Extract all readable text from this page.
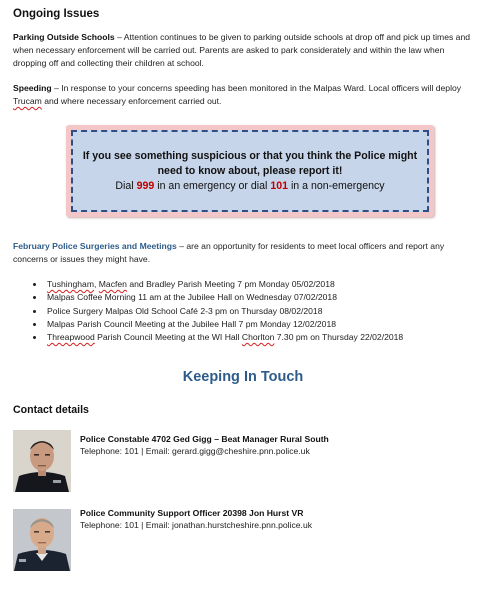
Ongoing Issues
Parking Outside Schools – Attention continues to be given to parking outside schools at drop off and pick up times and when necessary enforcement will be carried out. Parents are asked to park considerately and within the law when dropping off and collecting their children at school.
Speeding – In response to your concerns speeding has been monitored in the Malpas Ward. Local officers will deploy Trucam and where necessary enforcement carried out.
If you see something suspicious or that you think the Police might need to know about, please report it!
Dial 999 in an emergency or dial 101 in a non-emergency
February Police Surgeries and Meetings – are an opportunity for residents to meet local officers and report any concerns or issues they might have.
• Tushingham, Macfen and Bradley Parish Meeting 7 pm Monday 05/02/2018
• Malpas Coffee Morning 11 am at the Jubilee Hall on Wednesday 07/02/2018
• Police Surgery Malpas Old School Café 2-3 pm on Thursday 08/02/2018
• Malpas Parish Council Meeting at the Jubilee Hall 7 pm Monday 12/02/2018
• Threapwood Parish Council Meeting at the WI Hall Chorlton 7.30 pm on Thursday 22/02/2018
Keeping In Touch
Contact details
Police Constable 4702 Ged Gigg – Beat Manager Rural South
Telephone: 101 | Email: gerard.gigg@cheshire.pnn.police.uk
Police Community Support Officer 20398 Jon Hurst VR
Telephone: 101 | Email: jonathan.hurstcheshire.pnn.police.uk
